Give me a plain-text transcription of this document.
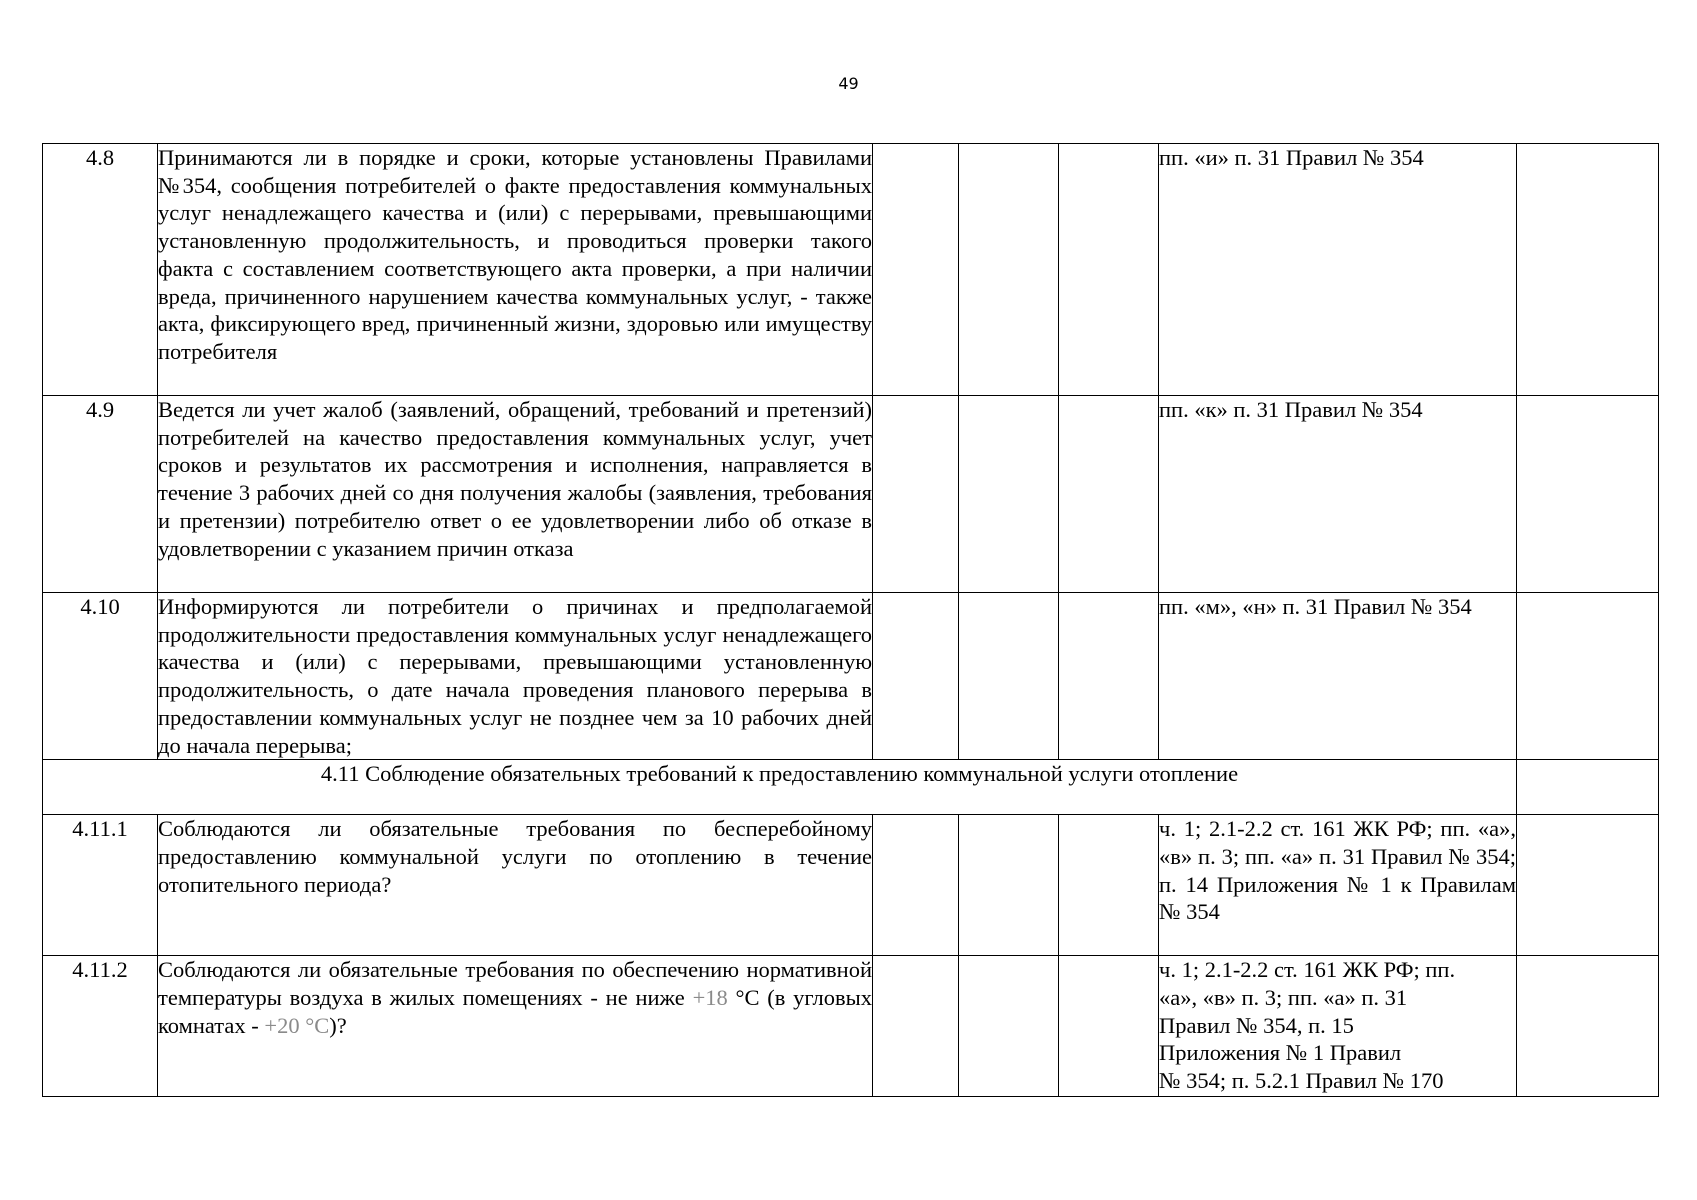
49
4.8	Принимаются ли в порядке и сроки, которые установлены Правилами №354, сообщения потребителей о факте предоставления коммунальных услуг ненадлежащего качества и (или) с перерывами, превышающими установленную продолжительность, и проводиться проверки такого факта с составлением соответствующего акта проверки, а при наличии вреда, причиненного нарушением качества коммунальных услуг, - также акта, фиксирующего вред, причиненный жизни, здоровью или имуществу потребителя				пп. «и» п. 31 Правил № 354	
4.9	Ведется ли учет жалоб (заявлений, обращений, требований и претензий) потребителей на качество предоставления коммунальных услуг, учет сроков и результатов их рассмотрения и исполнения, направляется в течение 3 рабочих дней со дня получения жалобы (заявления, требования и претензии) потребителю ответ о ее удовлетворении либо об отказе в удовлетворении с указанием причин отказа				пп. «к» п. 31 Правил № 354	
4.10	Информируются ли потребители о причинах и предполагаемой продолжительности предоставления коммунальных услуг ненадлежащего качества и (или) с перерывами, превышающими установленную продолжительность, о дате начала проведения планового перерыва в предоставлении коммунальных услуг не позднее чем за 10 рабочих дней до начала перерыва;				пп. «м», «н» п. 31 Правил № 354	
4.11 Соблюдение обязательных требований к предоставлению коммунальной услуги отопление						
4.11.1	Соблюдаются ли обязательные требования по бесперебойному предоставлению коммунальной услуги по отоплению в течение отопительного периода?				ч. 1; 2.1-2.2 ст. 161 ЖК РФ; пп. «а», «в» п. 3; пп. «а» п. 31 Правил № 354; п. 14 Приложения № 1 к Правилам № 354	
4.11.2	Соблюдаются ли обязательные требования по обеспечению нормативной температуры воздуха в жилых помещениях - не ниже +18 °C (в угловых комнатах - +20 °C)?				ч. 1; 2.1-2.2 ст. 161 ЖК РФ; пп.
«а», «в» п. 3; пп. «а» п. 31
Правил № 354, п. 15
Приложения № 1 Правил
№ 354; п. 5.2.1 Правил № 170	
